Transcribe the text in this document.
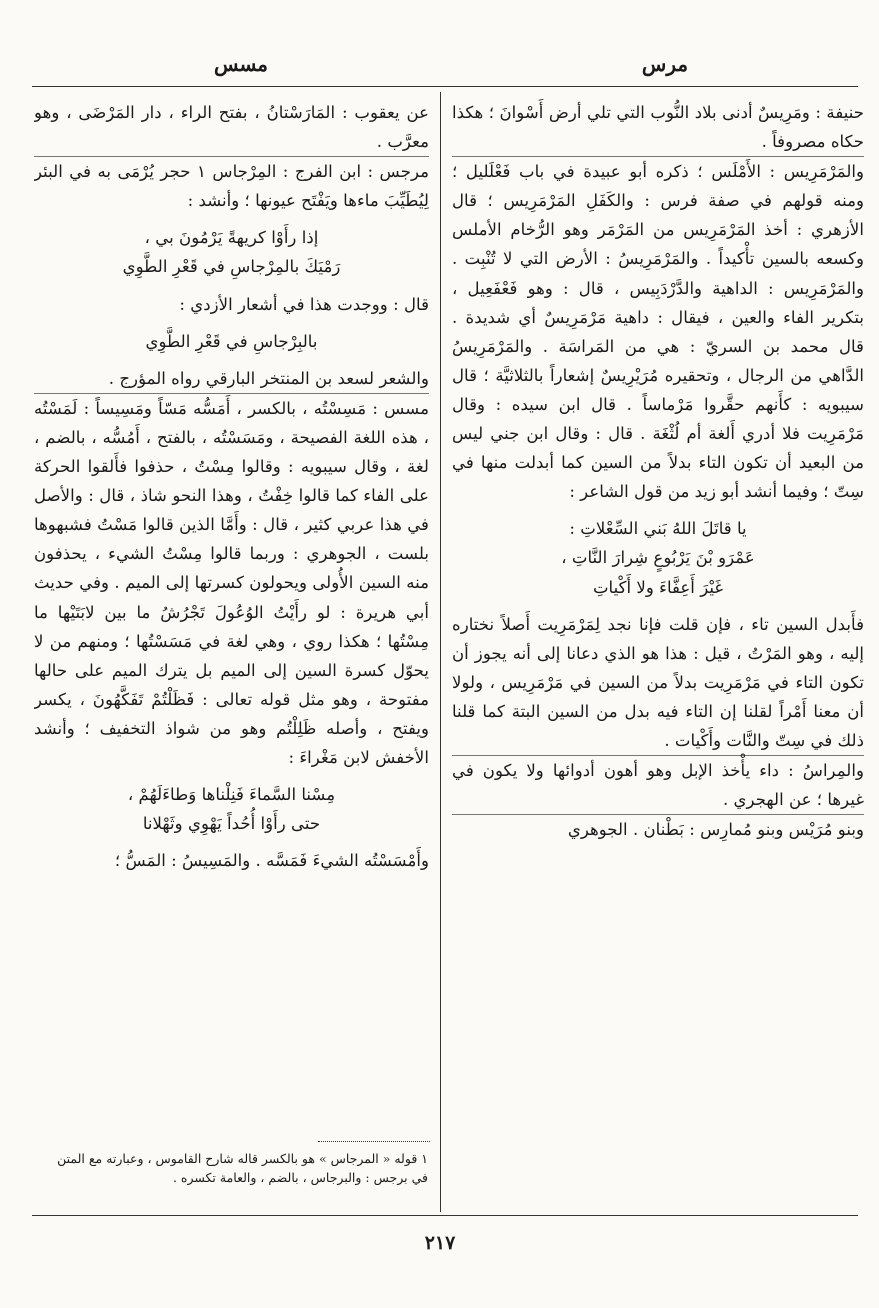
مرس
مسس

حنيفة : ومَرِيسٌ أدنى بلاد النُّوب التي تلي أرض أَسْوانَ ؛ هكذا حكاه مصروفاً .

والمَرْمَرِيس : الأَمْلَس ؛ ذكره أبو عبيدة في باب فَعْلَليل ؛ ومنه قولهم في صفة فرس : والكَفَلِ المَرْمَرِيس ؛ قال الأزهري : أخذ المَرْمَرِيس من المَرْمَر وهو الرُّخام الأملس وكسعه بالسين تأْكيداً . والمَرْمَرِيسُ : الأرض التي لا تُنْبِت . والمَرْمَرِيس : الداهية والدَّرْدَبِيس ، قال : وهو فَعْفَعِيل ، بتكرير الفاء والعين ، فيقال : داهية مَرْمَرِيسٌ أي شديدة . قال محمد بن السريّ : هي من المَراسَة . والمَرْمَرِيسُ الدَّاهي من الرجال ، وتحقيره مُرَيْرِيسٌ إشعاراً بالثلاثيَّة ؛ قال سيبويه : كأَنهم حقَّروا مَرْماساً . قال ابن سيده : وقال مَرْمَرِيت فلا أدري أَلغة أم لُثْغَة . قال : وقال ابن جني ليس من البعيد أن تكون التاء بدلاً من السين كما أبدلت منها في سِتّ ؛ وفيما أنشد أبو زيد من قول الشاعر :

يا قاتَلَ اللهُ بَني السِّعْلاتِ :

عَمْرَو بْنَ يَرْبُوعٍ شِرارَ النَّاتِ ،

غَيْرَ أَعِفَّاءَ ولا أَكْياتِ

فأَبدل السين تاء ، فإن قلت فإنا نجد لِمَرْمَرِيت أَصلاً نختاره إليه ، وهو المَرْتُ ، قيل : هذا هو الذي دعانا إلى أنه يجوز أن تكون التاء في مَرْمَرِيت بدلاً من السين في مَرْمَرِيس ، ولولا أن معنا أَمْراً لقلنا إن التاء فيه بدل من السين البتة كما قلنا ذلك في سِتّ والنَّات وأَكْيات .

والمِراسُ : داء يأْخذ الإبل وهو أهون أدوائها ولا يكون في غيرها ؛ عن الهجري .

وبنو مُرَيْس وبنو مُمارِس : بَطْنان . الجوهري

عن يعقوب : المَارَسْتانُ ، بفتح الراء ، دار المَرْضَى ، وهو معرَّب .

مرجس : ابن الفرج : المِرْجاس ١ حجر يُرْمَى به في البئر لِيُطَيِّبَ ماءها ويَفْتَح عيونها ؛ وأنشد :

إذا رأَوْا كريهةً يَرْمُونَ بي ،

رَمْيَكَ بالمِرْجاسِ في قَعْرِ الطَّوِي

قال : ووجدت هذا في أشعار الأزدي :

بالبِرْجاسِ في قَعْرِ الطَّوِي

والشعر لسعد بن المنتخر البارقي رواه المؤرج .

مسس : مَسِسْتُه ، بالكسر ، أَمَسُّه مَسّاً ومَسِيساً : لَمَسْتُه ، هذه اللغة الفصيحة ، ومَسَسْتُه ، بالفتح ، أَمُسُّه ، بالضم ، لغة ، وقال سيبويه : وقالوا مِسْتُ ، حذفوا فأَلقوا الحركة على الفاء كما قالوا خِفْتُ ، وهذا النحو شاذ ، قال : والأصل في هذا عربي كثير ، قال : وأَمَّا الذين قالوا مَسْتُ فشبهوها بلست ، الجوهري : وربما قالوا مِسْتُ الشيء ، يحذفون منه السين الأُولى ويحولون كسرتها إلى الميم . وفي حديث أبي هريرة : لو رأَيْتُ الوُعُولَ تَجْرُشُ ما بين لابَتَيْها ما مِسْتُها ؛ هكذا روي ، وهي لغة في مَسَسْتُها ؛ ومنهم من لا يحوّل كسرة السين إلى الميم بل يترك الميم على حالها مفتوحة ، وهو مثل قوله تعالى : فَظَلْتُمْ تَفَكَّهُونَ ، يكسر ويفتح ، وأصله ظَلِلْتُم وهو من شواذ التخفيف ؛ وأنشد الأخفش لابن مَغْراءَ :

مِسْنا السَّماءَ فَنِلْناها وَطاءَلَهُمْ ،

حتى رأَوْا أُحُداً يَهْوِي وثَهْلانا

وأَمْسَسْتُه الشيءَ فَمَسَّه . والمَسِيسُ : المَسُّ ؛

١ قوله « المرجاس » هو بالكسر قاله شارح القاموس ، وعبارته مع المتن في برجس : والبرجاس ، بالضم ، والعامة تكسره .

٢١٧
